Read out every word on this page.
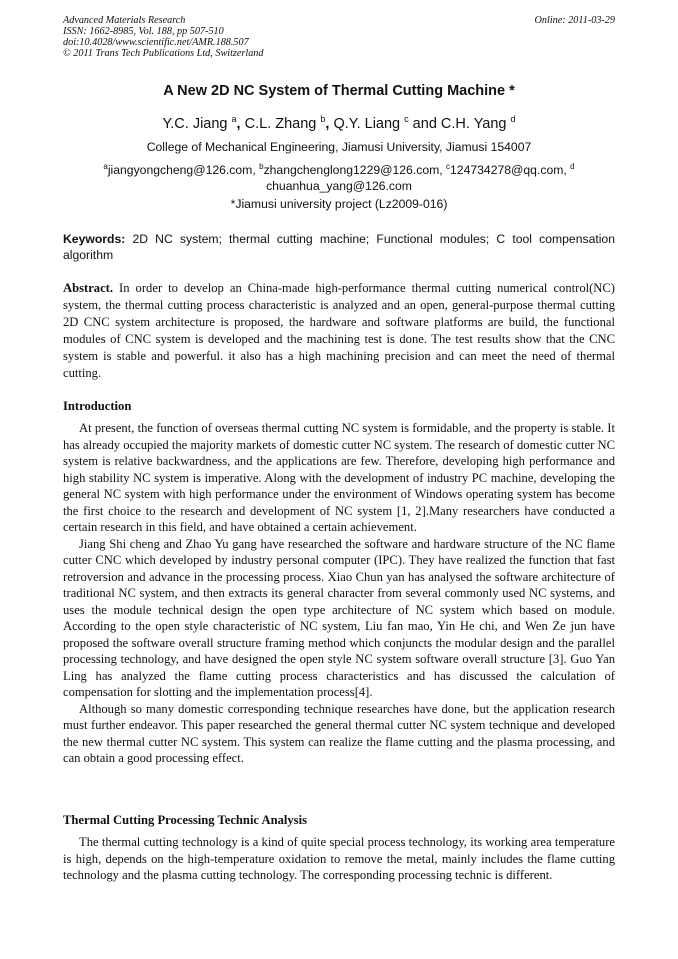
Advanced Materials Research
ISSN: 1662-8985, Vol. 188, pp 507-510
doi:10.4028/www.scientific.net/AMR.188.507
© 2011 Trans Tech Publications Ltd, Switzerland
Online: 2011-03-29
A New 2D NC System of Thermal Cutting Machine *
Y.C. Jiang $^a$, C.L. Zhang $^b$, Q.Y. Liang $^c$ and C.H. Yang $^d$
College of Mechanical Engineering, Jiamusi University, Jiamusi 154007
$^a$jiangyongcheng@126.com, $^b$zhangchenglong1229@126.com, $^c$124734278@qq.com, $^d$
chuanhua_yang@126.com
*Jiamusi university project (Lz2009-016)
Keywords: 2D NC system; thermal cutting machine; Functional modules; C tool compensation algorithm
Abstract. In order to develop an China-made high-performance thermal cutting numerical control(NC) system, the thermal cutting process characteristic is analyzed and an open, general-purpose thermal cutting 2D CNC system architecture is proposed, the hardware and software platforms are build, the functional modules of CNC system is developed and the machining test is done. The test results show that the CNC system is stable and powerful. it also has a high machining precision and can meet the need of thermal cutting.
Introduction

At present, the function of overseas thermal cutting NC system is formidable, and the property is stable. It has already occupied the majority markets of domestic cutter NC system. The research of domestic cutter NC system is relative backwardness, and the applications are few. Therefore, developing high performance and high stability NC system is imperative. Along with the development of industry PC machine, developing the general NC system with high performance under the environment of Windows operating system has become the first choice to the research and development of NC system [1, 2].Many researchers have conducted a certain research in this field, and have obtained a certain achievement.

Jiang Shi cheng and Zhao Yu gang have researched the software and hardware structure of the NC flame cutter CNC which developed by industry personal computer (IPC). They have realized the function that fast retroversion and advance in the processing process. Xiao Chun yan has analysed the software architecture of traditional NC system, and then extracts its general character from several commonly used NC systems, and uses the module technical design the open type architecture of NC system which based on module. According to the open style characteristic of NC system, Liu fan mao, Yin He chi, and Wen Ze jun have proposed the software overall structure framing method which conjuncts the modular design and the parallel processing technology, and have designed the open style NC system software overall structure [3]. Guo Yan Ling has analyzed the flame cutting process characteristics and has discussed the calculation of compensation for slotting and the implementation process[4].

Although so many domestic corresponding technique researches have done, but the application research must further endeavor. This paper researched the general thermal cutter NC system technique and developed the new thermal cutter NC system. This system can realize the flame cutting and the plasma processing, and can obtain a good processing effect.

Thermal Cutting Processing Technic Analysis

The thermal cutting technology is a kind of quite special process technology, its working area temperature is high, depends on the high-temperature oxidation to remove the metal, mainly includes the flame cutting technology and the plasma cutting technology. The corresponding processing technic is different.
